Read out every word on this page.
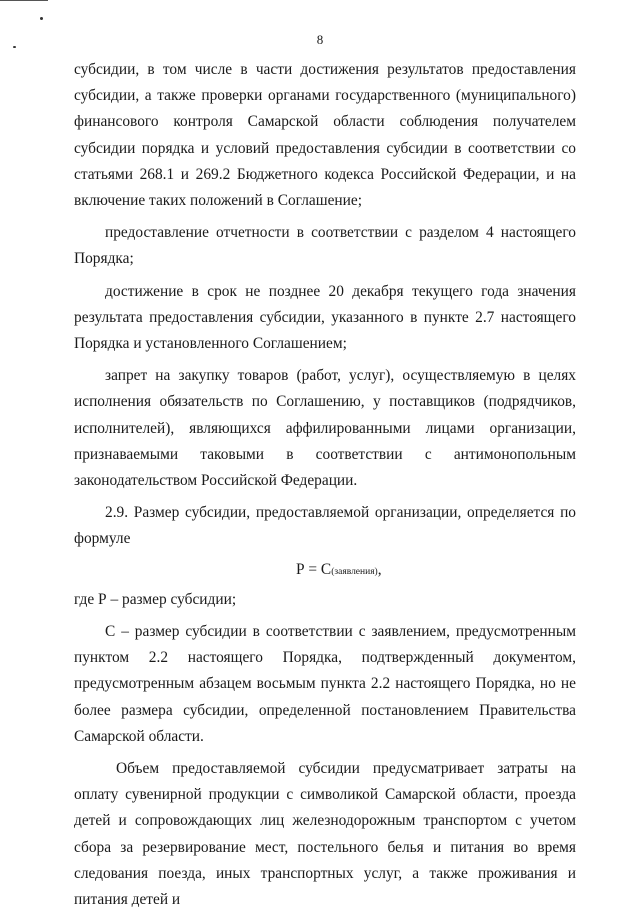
8

субсидии, в том числе в части достижения результатов предоставления субсидии, а также проверки органами государственного (муниципального) финансового контроля Самарской области соблюдения получателем субсидии порядка и условий предоставления субсидии в соответствии со статьями 268.1 и 269.2 Бюджетного кодекса Российской Федерации, и на включение таких положений в Соглашение;

предоставление отчетности в соответствии с разделом 4 настоящего Порядка;

достижение в срок не позднее 20 декабря текущего года значения результата предоставления субсидии, указанного в пункте 2.7 настоящего Порядка и установленного Соглашением;

запрет на закупку товаров (работ, услуг), осуществляемую в целях исполнения обязательств по Соглашению, у поставщиков (подрядчиков, исполнителей), являющихся аффилированными лицами организации, признаваемыми таковыми в соответствии с антимонопольным законодательством Российской Федерации.

2.9. Размер субсидии, предоставляемой организации, определяется по формуле

Р = С(заявления),

где Р – размер субсидии;

С – размер субсидии в соответствии с заявлением, предусмотренным пунктом 2.2 настоящего Порядка, подтвержденный документом, предусмотренным абзацем восьмым пункта 2.2 настоящего Порядка, но не более размера субсидии, определенной постановлением Правительства Самарской области.

Объем предоставляемой субсидии предусматривает затраты на оплату сувенирной продукции с символикой Самарской области, проезда детей и сопровождающих лиц железнодорожным транспортом с учетом сбора за резервирование мест, постельного белья и питания во время следования поезда, иных транспортных услуг, а также проживания и питания детей и
